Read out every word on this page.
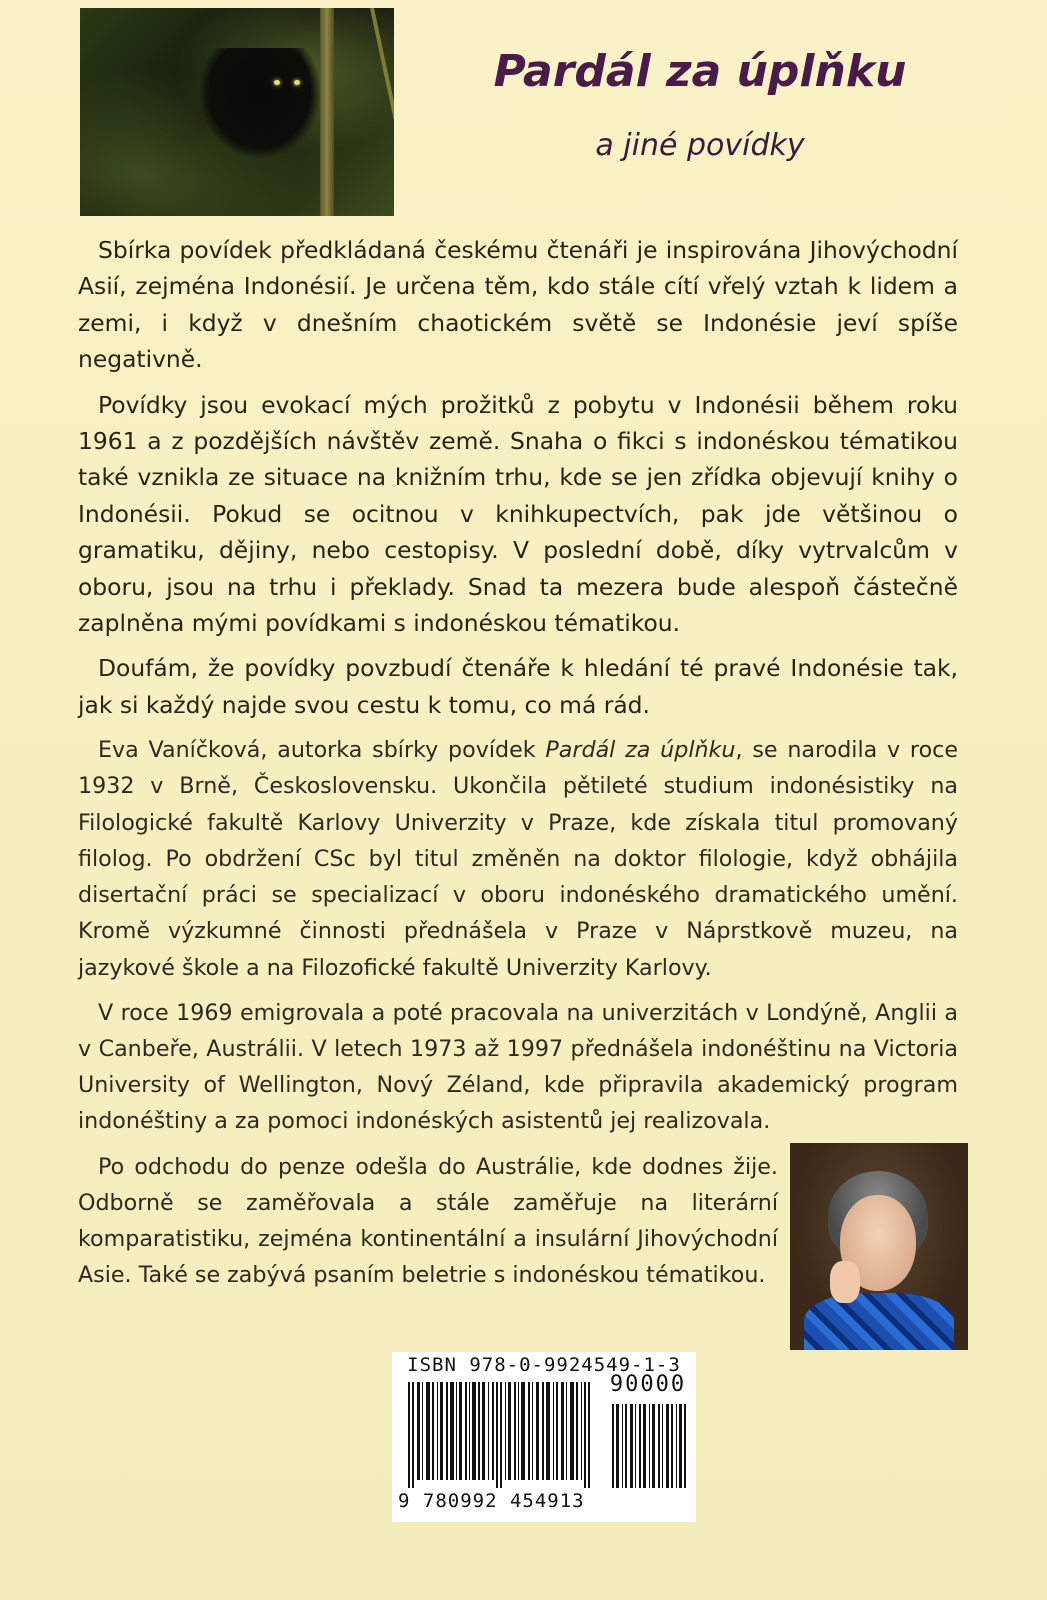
Pardál za úplňku

a jiné povídky

Sbírka povídek předkládaná českému čtenáři je inspirována Jihovýchodní Asií, zejména Indonésií. Je určena těm, kdo stále cítí vřelý vztah k lidem a zemi, i když v dnešním chaotickém světě se Indonésie jeví spíše negativně.

Povídky jsou evokací mých prožitků z pobytu v Indonésii během roku 1961 a z pozdějších návštěv země. Snaha o fikci s indonéskou tématikou také vznikla ze situace na knižním trhu, kde se jen zřídka objevují knihy o Indonésii. Pokud se ocitnou v knihkupectvích, pak jde většinou o gramatiku, dějiny, nebo cestopisy. V poslední době, díky vytrvalcům v oboru, jsou na trhu i překlady. Snad ta mezera bude alespoň částečně zaplněna mými povídkami s indonéskou tématikou.

Doufám, že povídky povzbudí čtenáře k hledání té pravé Indonésie tak, jak si každý najde svou cestu k tomu, co má rád.

Eva Vaníčková, autorka sbírky povídek Pardál za úplňku, se narodila v roce 1932 v Brně, Československu. Ukončila pětileté studium indonésistiky na Filologické fakultě Karlovy Univerzity v Praze, kde získala titul promovaný filolog. Po obdržení CSc byl titul změněn na doktor filologie, když obhájila disertační práci se specializací v oboru indonéského dramatického umění. Kromě výzkumné činnosti přednášela v Praze v Náprstkově muzeu, na jazykové škole a na Filozofické fakultě Univerzity Karlovy.

V roce 1969 emigrovala a poté pracovala na univerzitách v Londýně, Anglii a v Canbeře, Austrálii. V letech 1973 až 1997 přednášela indonéštinu na Victoria University of Wellington, Nový Zéland, kde připravila akademický program indonéštiny a za pomoci indonéských asistentů jej realizovala.

Po odchodu do penze odešla do Austrálie, kde dodnes žije. Odborně se zaměřovala a stále zaměřuje na literární komparatistiku, zejména kontinentální a insulární Jihovýchodní Asie. Také se zabývá psaním beletrie s indonéskou tématikou.

ISBN 978-0-9924549-1-3
90000
9 780992 454913
